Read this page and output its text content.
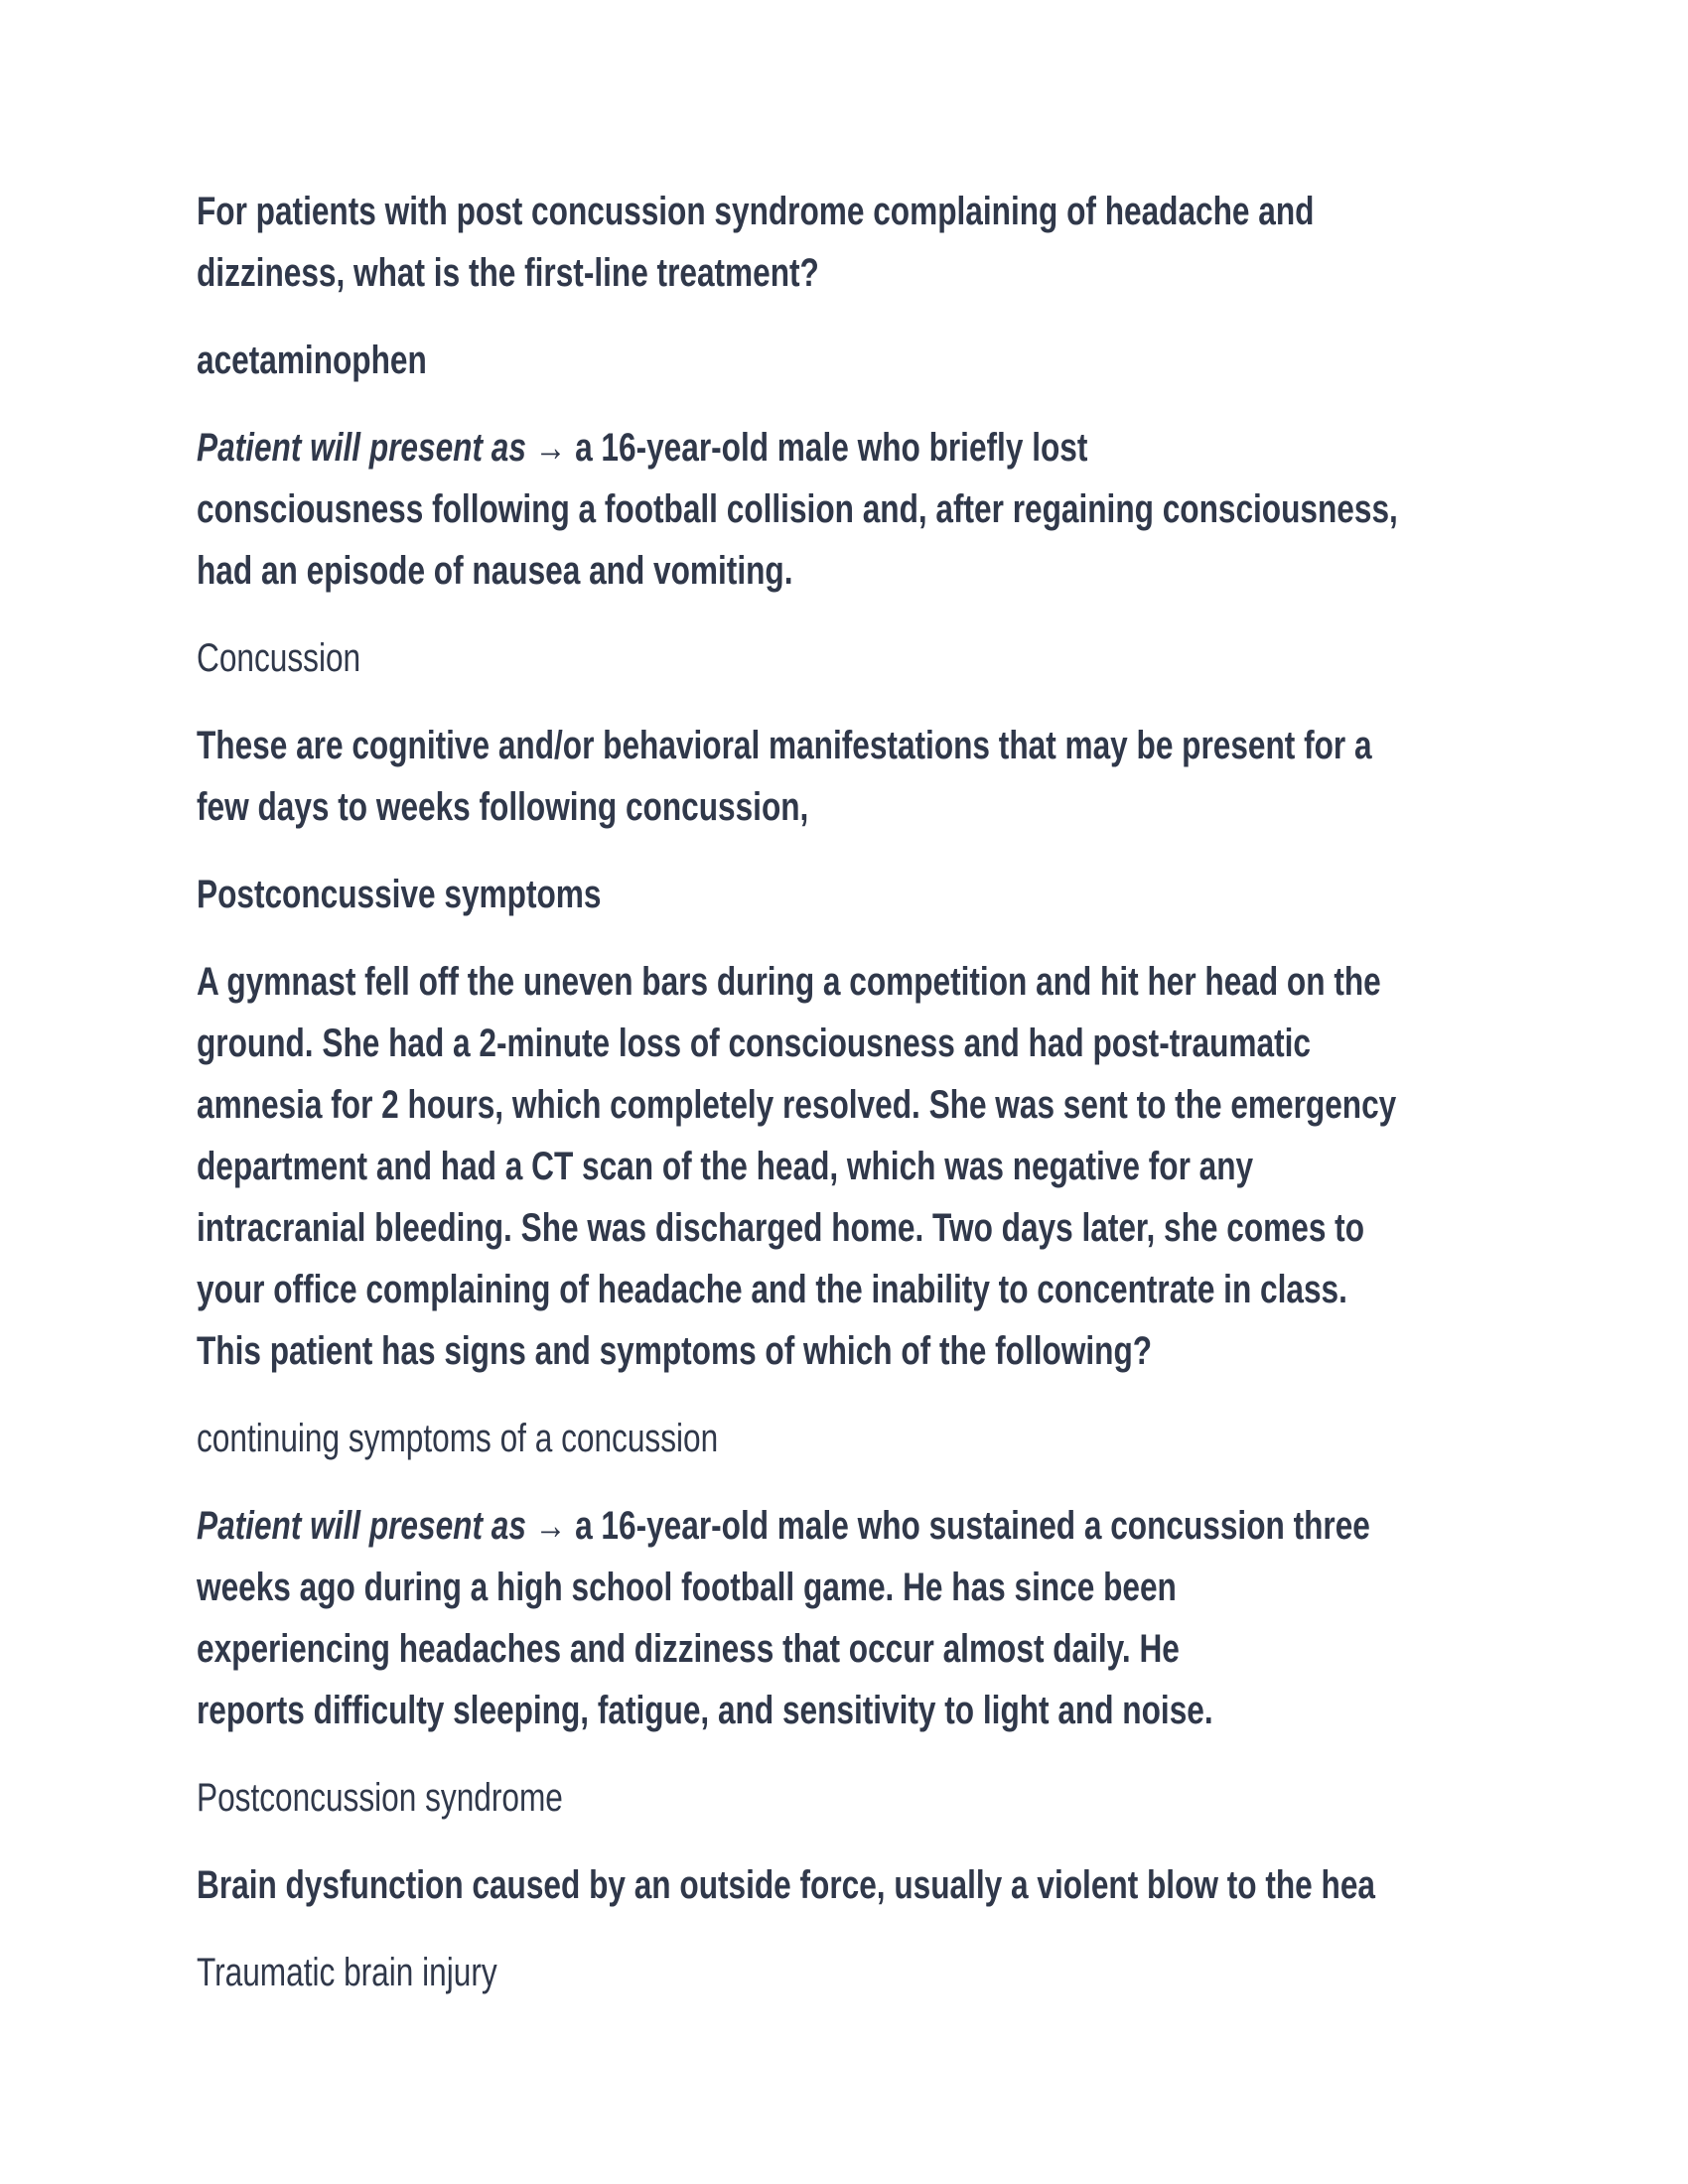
For patients with post concussion syndrome complaining of headache and
dizziness, what is the first-line treatment?
acetaminophen
Patient will present as → a 16-year-old male who briefly lost
consciousness following a football collision and, after regaining consciousness,
had an episode of nausea and vomiting.
Concussion
These are cognitive and/or behavioral manifestations that may be present for a
few days to weeks following concussion,
Postconcussive symptoms
A gymnast fell off the uneven bars during a competition and hit her head on the
ground. She had a 2-minute loss of consciousness and had post-traumatic
amnesia for 2 hours, which completely resolved. She was sent to the emergency
department and had a CT scan of the head, which was negative for any
intracranial bleeding. She was discharged home. Two days later, she comes to
your office complaining of headache and the inability to concentrate in class.
This patient has signs and symptoms of which of the following?
continuing symptoms of a concussion
Patient will present as → a 16-year-old male who sustained a concussion three
weeks ago during a high school football game. He has since been
experiencing headaches and dizziness that occur almost daily. He
reports difficulty sleeping, fatigue, and sensitivity to light and noise.
Postconcussion syndrome
Brain dysfunction caused by an outside force, usually a violent blow to the hea
Traumatic brain injury
